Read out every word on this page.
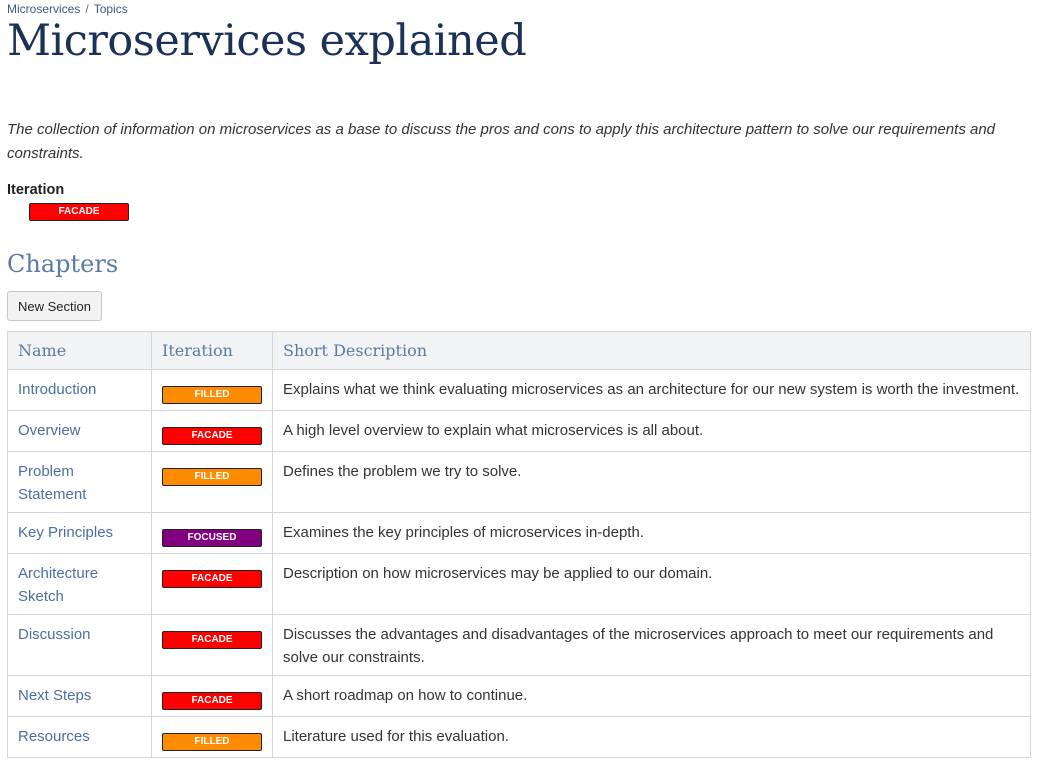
Microservices / Topics
Microservices explained

The collection of information on microservices as a base to discuss the pros and cons to apply this architecture pattern to solve our requirements and constraints.

Iteration
FACADE
Chapters
New Section
Name	Iteration	Short Description
Introduction	FILLED	Explains what we think evaluating microservices as an architecture for our new system is worth the investment.
Overview	FACADE	A high level overview to explain what microservices is all about.
Problem Statement	FILLED	Defines the problem we try to solve.
Key Principles	FOCUSED	Examines the key principles of microservices in-depth.
Architecture Sketch	FACADE	Description on how microservices may be applied to our domain.
Discussion	FACADE	Discusses the advantages and disadvantages of the microservices approach to meet our requirements and solve our constraints.
Next Steps	FACADE	A short roadmap on how to continue.
Resources	FILLED	Literature used for this evaluation.
